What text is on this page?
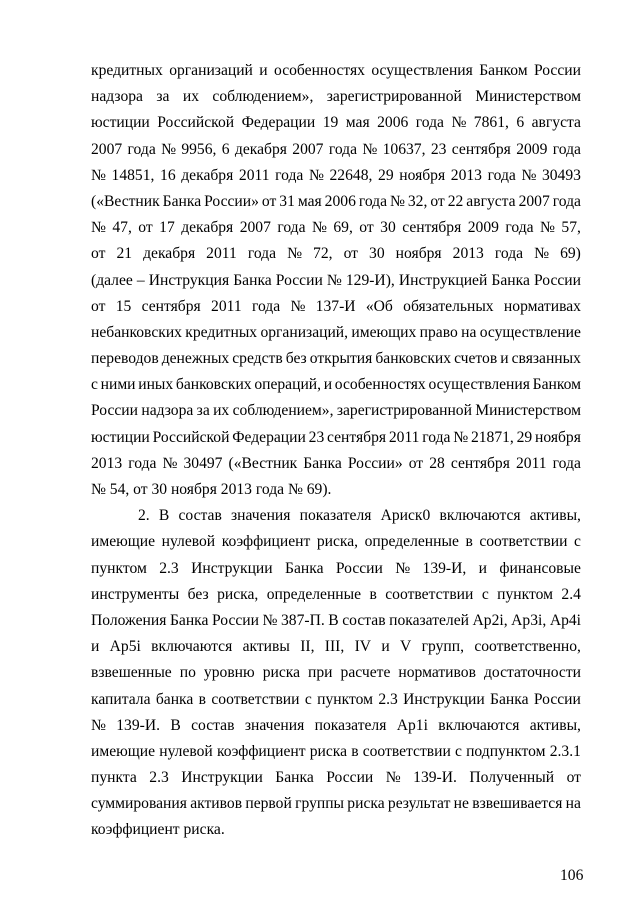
кредитных организаций и особенностях осуществления Банком России
надзора за их соблюдением», зарегистрированной Министерством
юстиции Российской Федерации 19 мая 2006 года № 7861, 6 августа
2007 года № 9956, 6 декабря 2007 года № 10637, 23 сентября 2009 года
№ 14851, 16 декабря 2011 года № 22648, 29 ноября 2013 года № 30493
(«Вестник Банка России» от 31 мая 2006 года № 32, от 22 августа 2007 года
№ 47, от 17 декабря 2007 года № 69, от 30 сентября 2009 года № 57,
от 21 декабря 2011 года № 72, от 30 ноября 2013 года № 69)
(далее – Инструкция Банка России № 129-И), Инструкцией Банка России
от 15 сентября 2011 года № 137-И «Об обязательных нормативах
небанковских кредитных организаций, имеющих право на осуществление
переводов денежных средств без открытия банковских счетов и связанных
с ними иных банковских операций, и особенностях осуществления Банком
России надзора за их соблюдением», зарегистрированной Министерством
юстиции Российской Федерации 23 сентября 2011 года № 21871, 29 ноября
2013 года № 30497 («Вестник Банка России» от 28 сентября 2011 года
№ 54, от 30 ноября 2013 года № 69).
2. В состав значения показателя Ариск0 включаются активы,
имеющие нулевой коэффициент риска, определенные в соответствии с
пунктом 2.3 Инструкции Банка России № 139-И, и финансовые
инструменты без риска, определенные в соответствии с пунктом 2.4
Положения Банка России № 387-П. В состав показателей Ар2i, Ар3i, Ар4i
и Ар5i включаются активы II, III, IV и V групп, соответственно,
взвешенные по уровню риска при расчете нормативов достаточности
капитала банка в соответствии с пунктом 2.3 Инструкции Банка России
№ 139-И. В состав значения показателя Ар1i включаются активы,
имеющие нулевой коэффициент риска в соответствии с подпунктом 2.3.1
пункта 2.3 Инструкции Банка России № 139-И. Полученный от
суммирования активов первой группы риска результат не взвешивается на
коэффициент риска.
106
